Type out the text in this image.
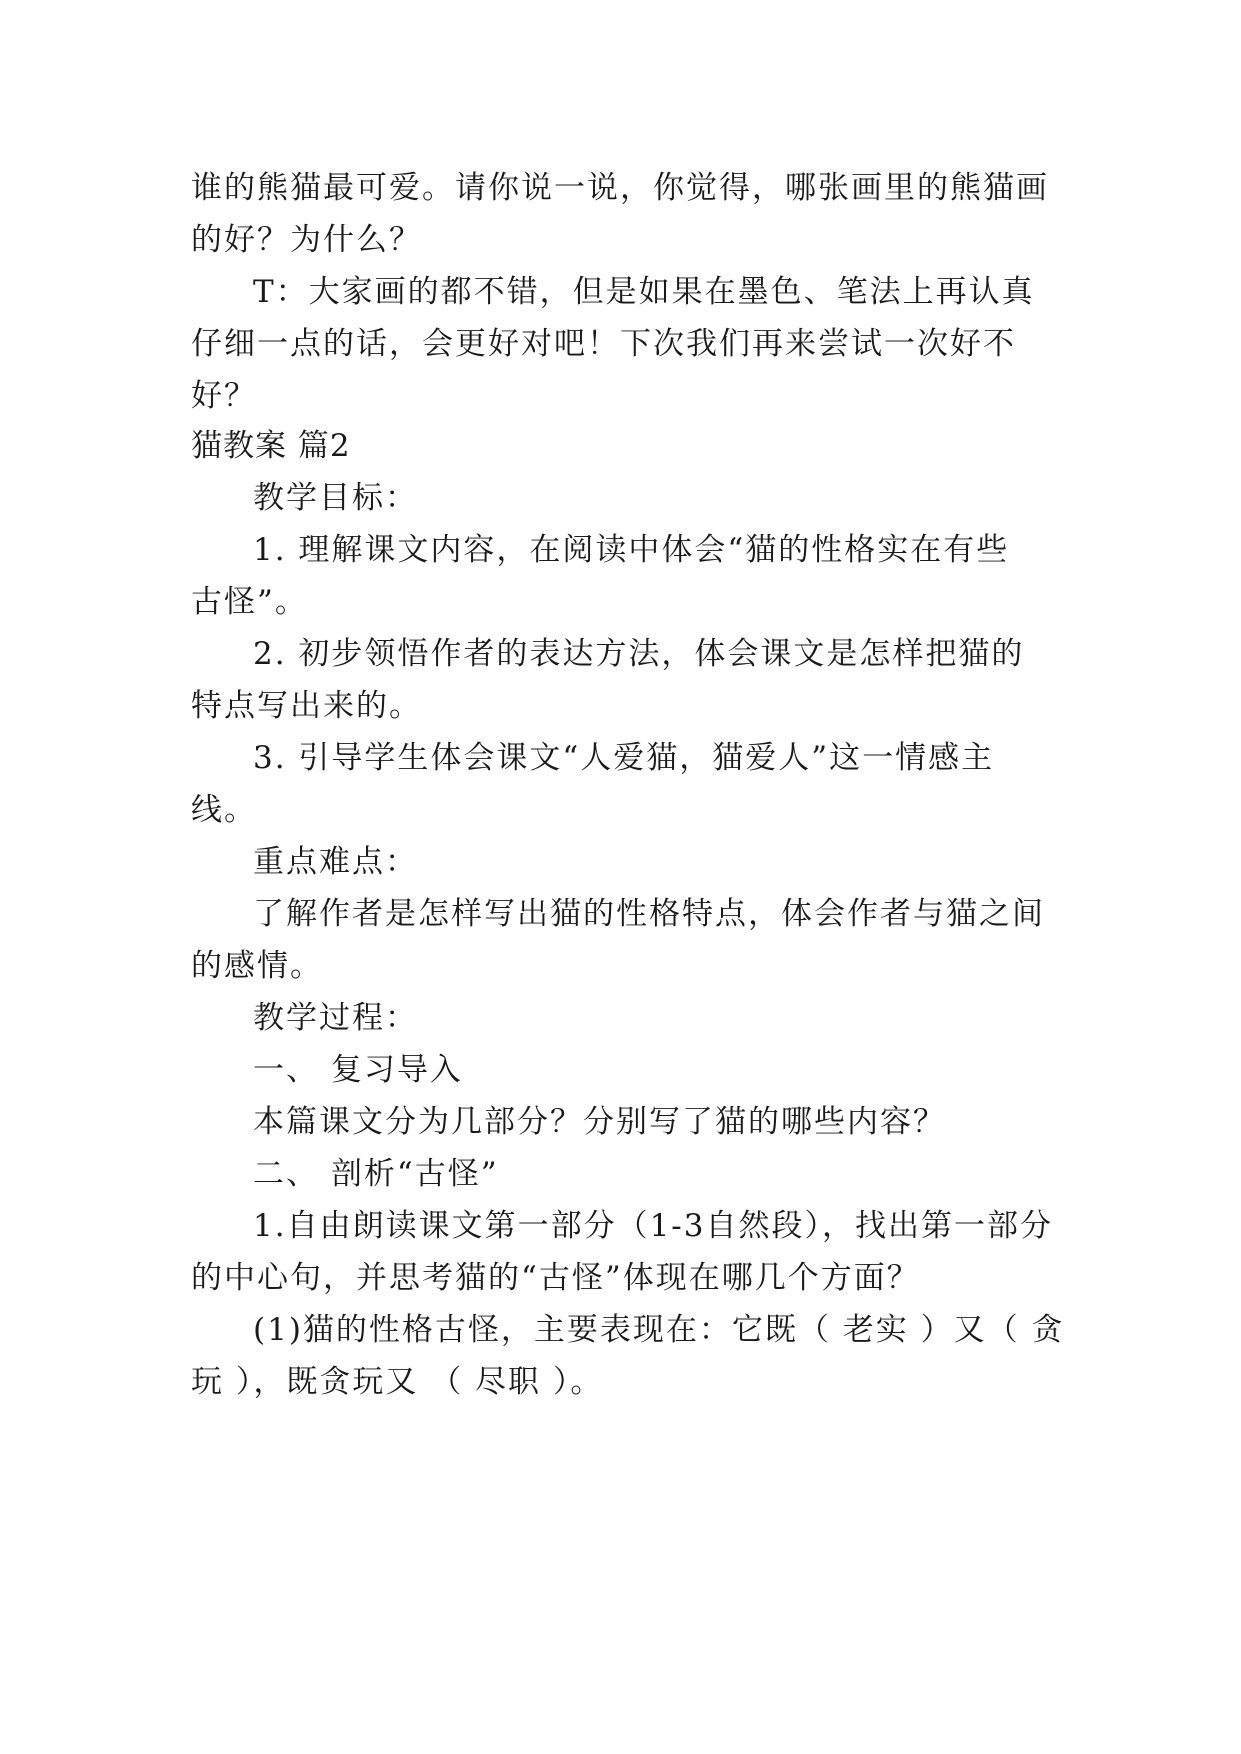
谁的熊猫最可爱。请你说一说，你觉得，哪张画里的熊猫画
的好？为什么？
T：大家画的都不错，但是如果在墨色、笔法上再认真
仔细一点的话，会更好对吧！下次我们再来尝试一次好不
好？
猫教案 篇2
教学目标：
1. 理解课文内容，在阅读中体会“猫的性格实在有些
古怪”。
2. 初步领悟作者的表达方法，体会课文是怎样把猫的
特点写出来的。
3. 引导学生体会课文“人爱猫，猫爱人”这一情感主
线。
重点难点：
了解作者是怎样写出猫的性格特点，体会作者与猫之间
的感情。
教学过程：
一、 复习导入
本篇课文分为几部分？分别写了猫的哪些内容？
二、 剖析“古怪”
1.自由朗读课文第一部分（1-3自然段），找出第一部分
的中心句，并思考猫的“古怪”体现在哪几个方面？
(1)猫的性格古怪，主要表现在：它既（ 老实 ）又（ 贪
玩 ），既贪玩又 （ 尽职 ）。
